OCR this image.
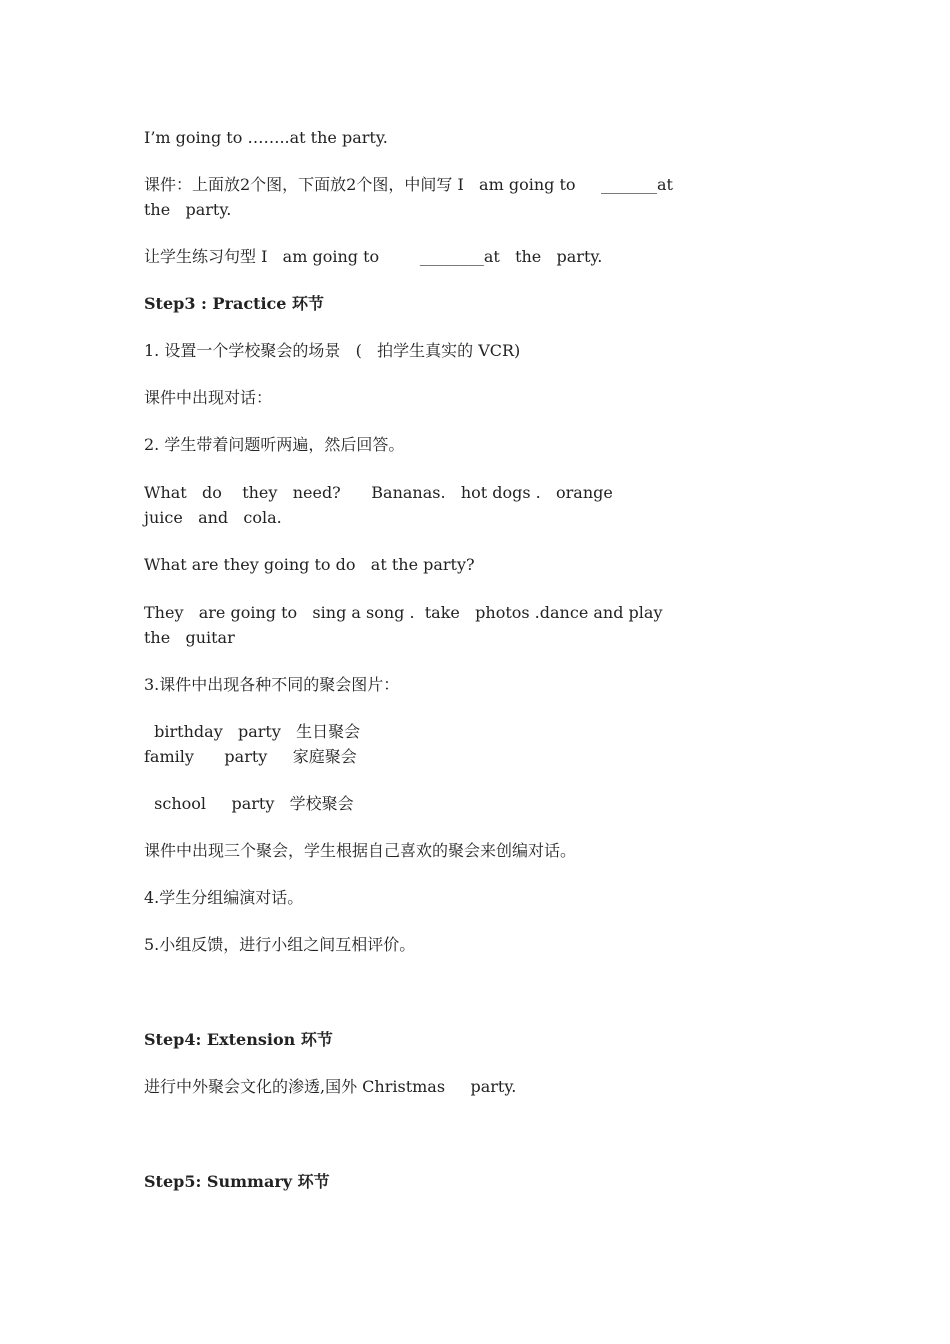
I’m going to ……..at the party.

课件：上面放2个图，下面放2个图，中间写 I   am going to     _______at

the   party.

让学生练习句型 I   am going to        ________at   the   party.

Step3 : Practice 环节

1. 设置一个学校聚会的场景   (   拍学生真实的 VCR)

课件中出现对话：

2. 学生带着问题听两遍，然后回答。

What   do    they   need?      Bananas.   hot dogs .   orange

juice   and   cola.

What are they going to do   at the party?

They   are going to   sing a song .  take   photos .dance and play

the   guitar

3.课件中出现各种不同的聚会图片：

birthday   party   生日聚会

family      party     家庭聚会

school     party   学校聚会

课件中出现三个聚会，学生根据自己喜欢的聚会来创编对话。

4.学生分组编演对话。

5.小组反馈，进行小组之间互相评价。

Step4: Extension 环节

进行中外聚会文化的渗透,国外 Christmas     party.

Step5: Summary 环节
